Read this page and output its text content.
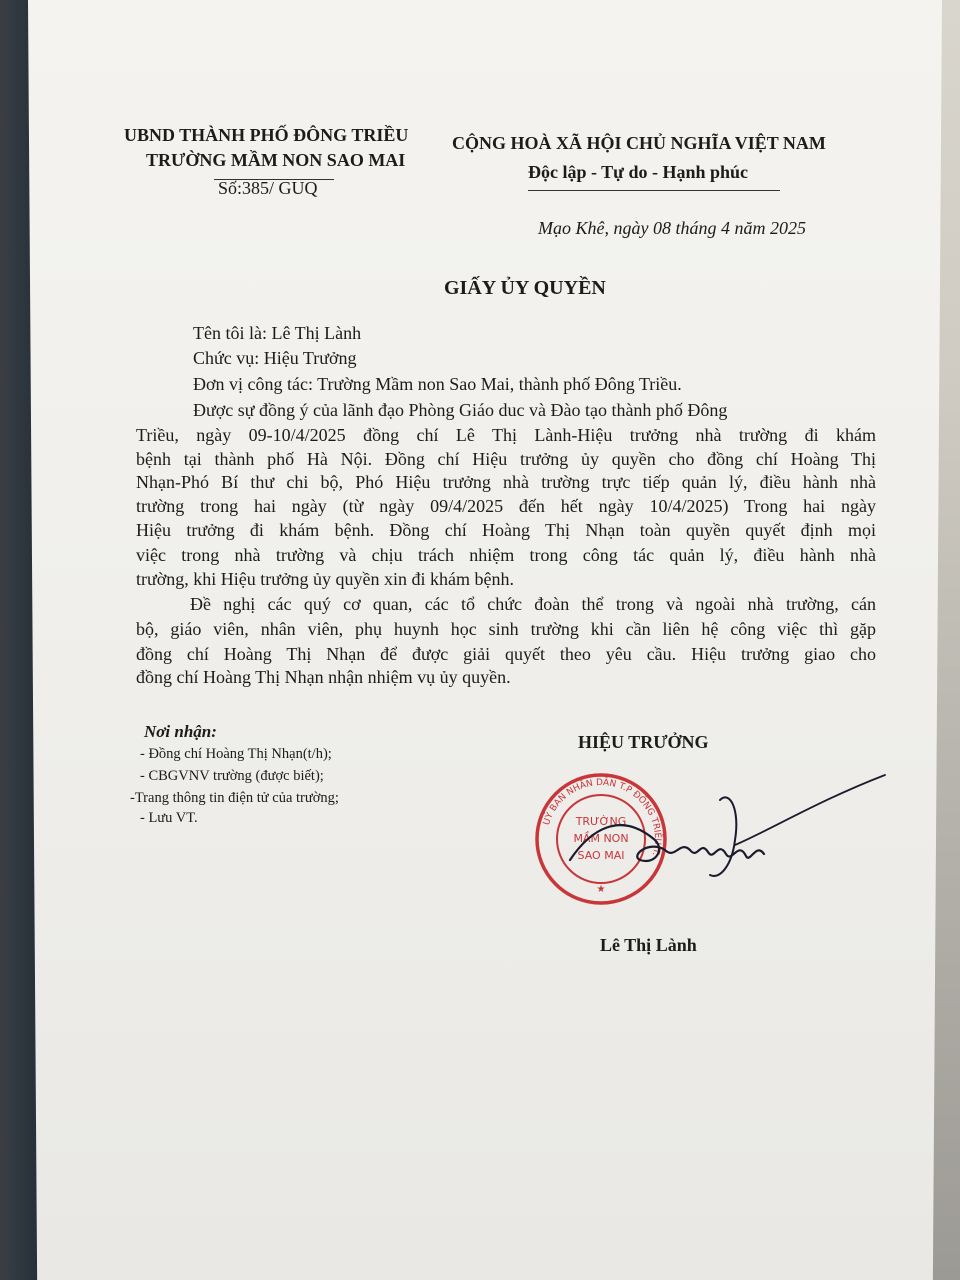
UBND THÀNH PHỐ ĐÔNG TRIỀU
TRƯỜNG MẦM NON SAO MAI
Số:385/ GUQ
CỘNG HOÀ XÃ HỘI CHỦ NGHĨA VIỆT NAM
Độc lập - Tự do - Hạnh phúc
Mạo Khê, ngày 08 tháng 4 năm 2025
GIẤY ỦY QUYỀN
Tên tôi là: Lê Thị Lành
Chức vụ: Hiệu Trưởng
Đơn vị công tác: Trường Mầm non Sao Mai, thành phố Đông Triều.
Được sự đồng ý của lãnh đạo Phòng Giáo duc và Đào tạo thành phố Đông
Triều, ngày 09-10/4/2025 đồng chí Lê Thị Lành-Hiệu trưởng nhà trường đi khám
bệnh tại thành phố Hà Nội. Đồng chí Hiệu trưởng ủy quyền cho đồng chí Hoàng Thị
Nhạn-Phó Bí thư chi bộ, Phó Hiệu trưởng nhà trường trực tiếp quản lý, điều hành nhà
trường trong hai ngày (từ ngày 09/4/2025 đến hết ngày 10/4/2025) Trong hai ngày
Hiệu trưởng đi khám bệnh. Đồng chí Hoàng Thị Nhạn toàn quyền quyết định mọi
việc trong nhà trường và chịu trách nhiệm trong công tác quản lý, điều hành nhà
trường, khi Hiệu trưởng ủy quyền xin đi khám bệnh.
Đề nghị các quý cơ quan, các tổ chức đoàn thể trong và ngoài nhà trường, cán
bộ, giáo viên, nhân viên, phụ huynh học sinh trường khi cần liên hệ công việc thì gặp
đồng chí Hoàng Thị Nhạn để được giải quyết theo yêu cầu. Hiệu trưởng giao cho
đồng chí Hoàng Thị Nhạn nhận nhiệm vụ ủy quyền.
Nơi nhận:
- Đồng chí Hoàng Thị Nhạn(t/h);
- CBGVNV trường (được biết);
-Trang thông tin điện tử của trường;
- Lưu VT.
HIỆU TRƯỞNG
UỶ BAN NHÂN DÂN T.P ĐÔNG TRIỀU T.
TRƯỜNG
MẦM NON
SAO MAI
★
Lê Thị Lành
